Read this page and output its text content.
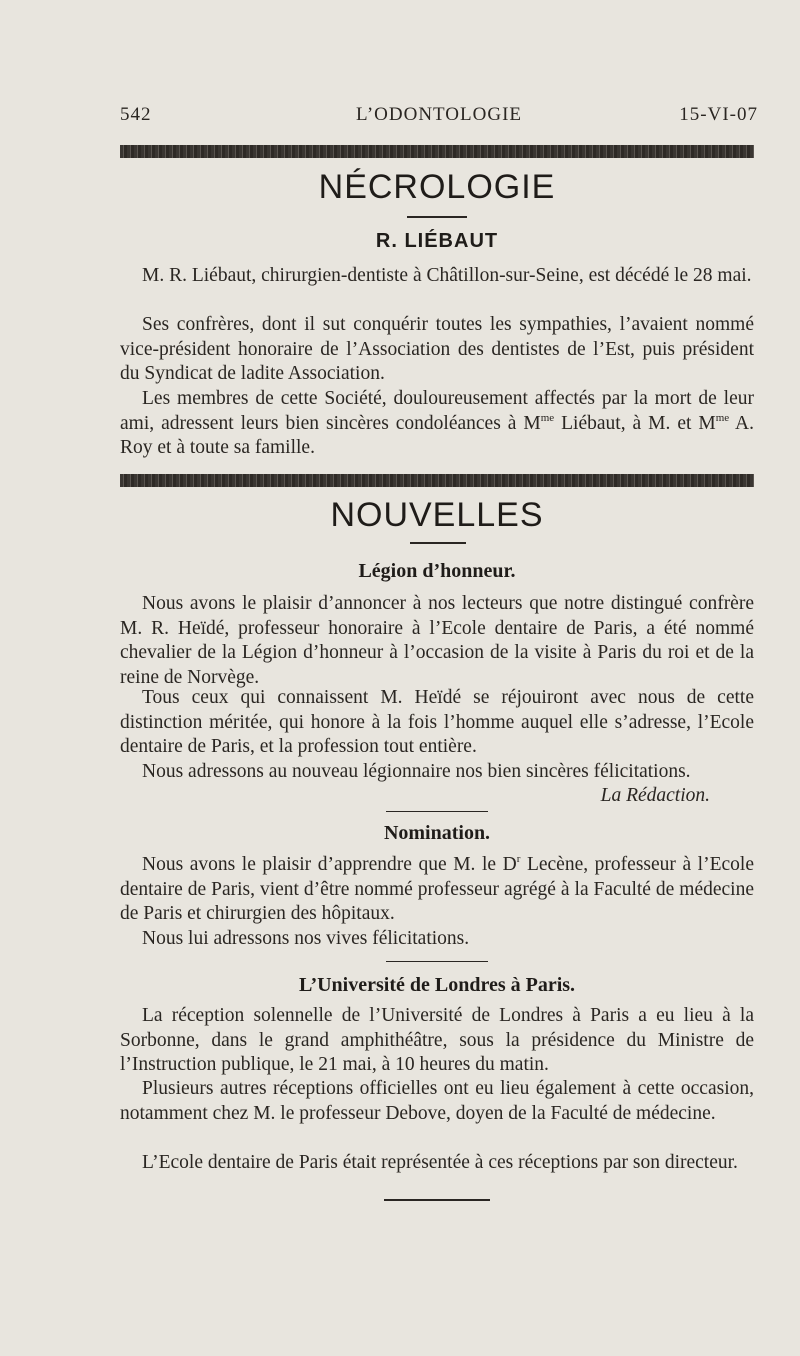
542	L’ODONTOLOGIE	15-VI-07
NÉCROLOGIE
R. LIÉBAUT
M. R. Liébaut, chirurgien-dentiste à Châtillon-sur-Seine, est décédé le 28 mai.
Ses confrères, dont il sut conquérir toutes les sympathies, l’avaient nommé vice-président honoraire de l’Association des dentistes de l’Est, puis président du Syndicat de ladite Association.
Les membres de cette Société, douloureusement affectés par la mort de leur ami, adressent leurs bien sincères condoléances à $M^{me}$ Liébaut, à M. et $M^{me}$ A. Roy et à toute sa famille.
NOUVELLES
Légion d’honneur.
Nous avons le plaisir d’annoncer à nos lecteurs que notre distingué confrère M. R. Heïdé, professeur honoraire à l’Ecole dentaire de Paris, a été nommé chevalier de la Légion d’honneur à l’occasion de la visite à Paris du roi et de la reine de Norvège.
Tous ceux qui connaissent M. Heïdé se réjouiront avec nous de cette distinction méritée, qui honore à la fois l’homme auquel elle s’adresse, l’Ecole dentaire de Paris, et la profession tout entière.
Nous adressons au nouveau légionnaire nos bien sincères félicitations.
La Rédaction.
Nomination.
Nous avons le plaisir d’apprendre que M. le $D^r$ Lecène, professeur à l’Ecole dentaire de Paris, vient d’être nommé professeur agrégé à la Faculté de médecine de Paris et chirurgien des hôpitaux.
Nous lui adressons nos vives félicitations.
L’Université de Londres à Paris.
La réception solennelle de l’Université de Londres à Paris a eu lieu à la Sorbonne, dans le grand amphithéâtre, sous la présidence du Ministre de l’Instruction publique, le 21 mai, à 10 heures du matin.
Plusieurs autres réceptions officielles ont eu lieu également à cette occasion, notamment chez M. le professeur Debove, doyen de la Faculté de médecine.
L’Ecole dentaire de Paris était représentée à ces réceptions par son directeur.
